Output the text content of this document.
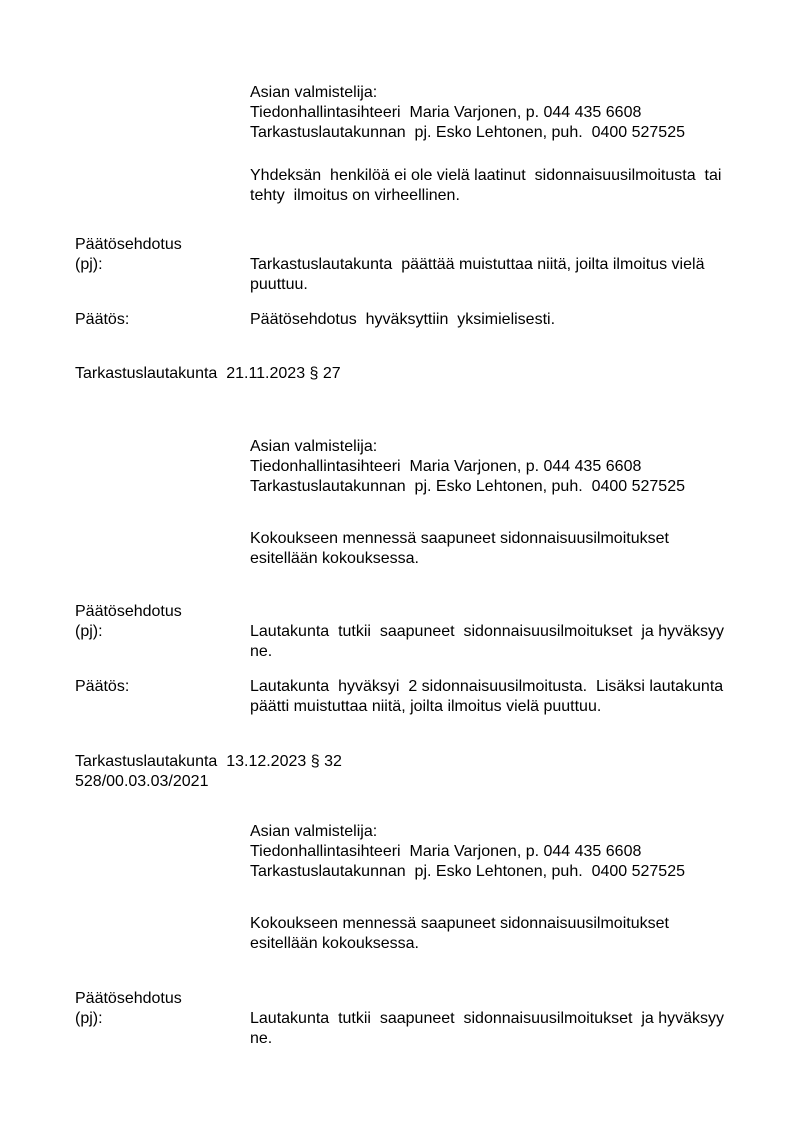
Asian valmistelija:
Tiedonhallintasihteeri  Maria Varjonen, p. 044 435 6608
Tarkastuslautakunnan  pj. Esko Lehtonen, puh.  0400 527525
Yhdeksän  henkilöä ei ole vielä laatinut  sidonnaisuusilmoitusta  tai
tehty  ilmoitus on virheellinen.
Päätösehdotus
(pj):	Tarkastuslautakunta  päättää muistuttaa niitä, joilta ilmoitus vielä
puuttuu.
Päätös:	Päätösehdotus  hyväksyttiin  yksimielisesti.
Tarkastuslautakunta  21.11.2023 § 27
Asian valmistelija:
Tiedonhallintasihteeri  Maria Varjonen, p. 044 435 6608
Tarkastuslautakunnan  pj. Esko Lehtonen, puh.  0400 527525
Kokoukseen mennessä saapuneet sidonnaisuusilmoitukset
esitellään kokouksessa.
Päätösehdotus
(pj):	Lautakunta  tutkii  saapuneet  sidonnaisuusilmoitukset  ja hyväksyy  ne.
Päätös:	Lautakunta  hyväksyi  2 sidonnaisuusilmoitusta.  Lisäksi lautakunta
päätti muistuttaa niitä, joilta ilmoitus vielä puuttuu.
Tarkastuslautakunta  13.12.2023 § 32
528/00.03.03/2021
Asian valmistelija:
Tiedonhallintasihteeri  Maria Varjonen, p. 044 435 6608
Tarkastuslautakunnan  pj. Esko Lehtonen, puh.  0400 527525
Kokoukseen mennessä saapuneet sidonnaisuusilmoitukset
esitellään kokouksessa.
Päätösehdotus
(pj):	Lautakunta  tutkii  saapuneet  sidonnaisuusilmoitukset  ja hyväksyy  ne.
